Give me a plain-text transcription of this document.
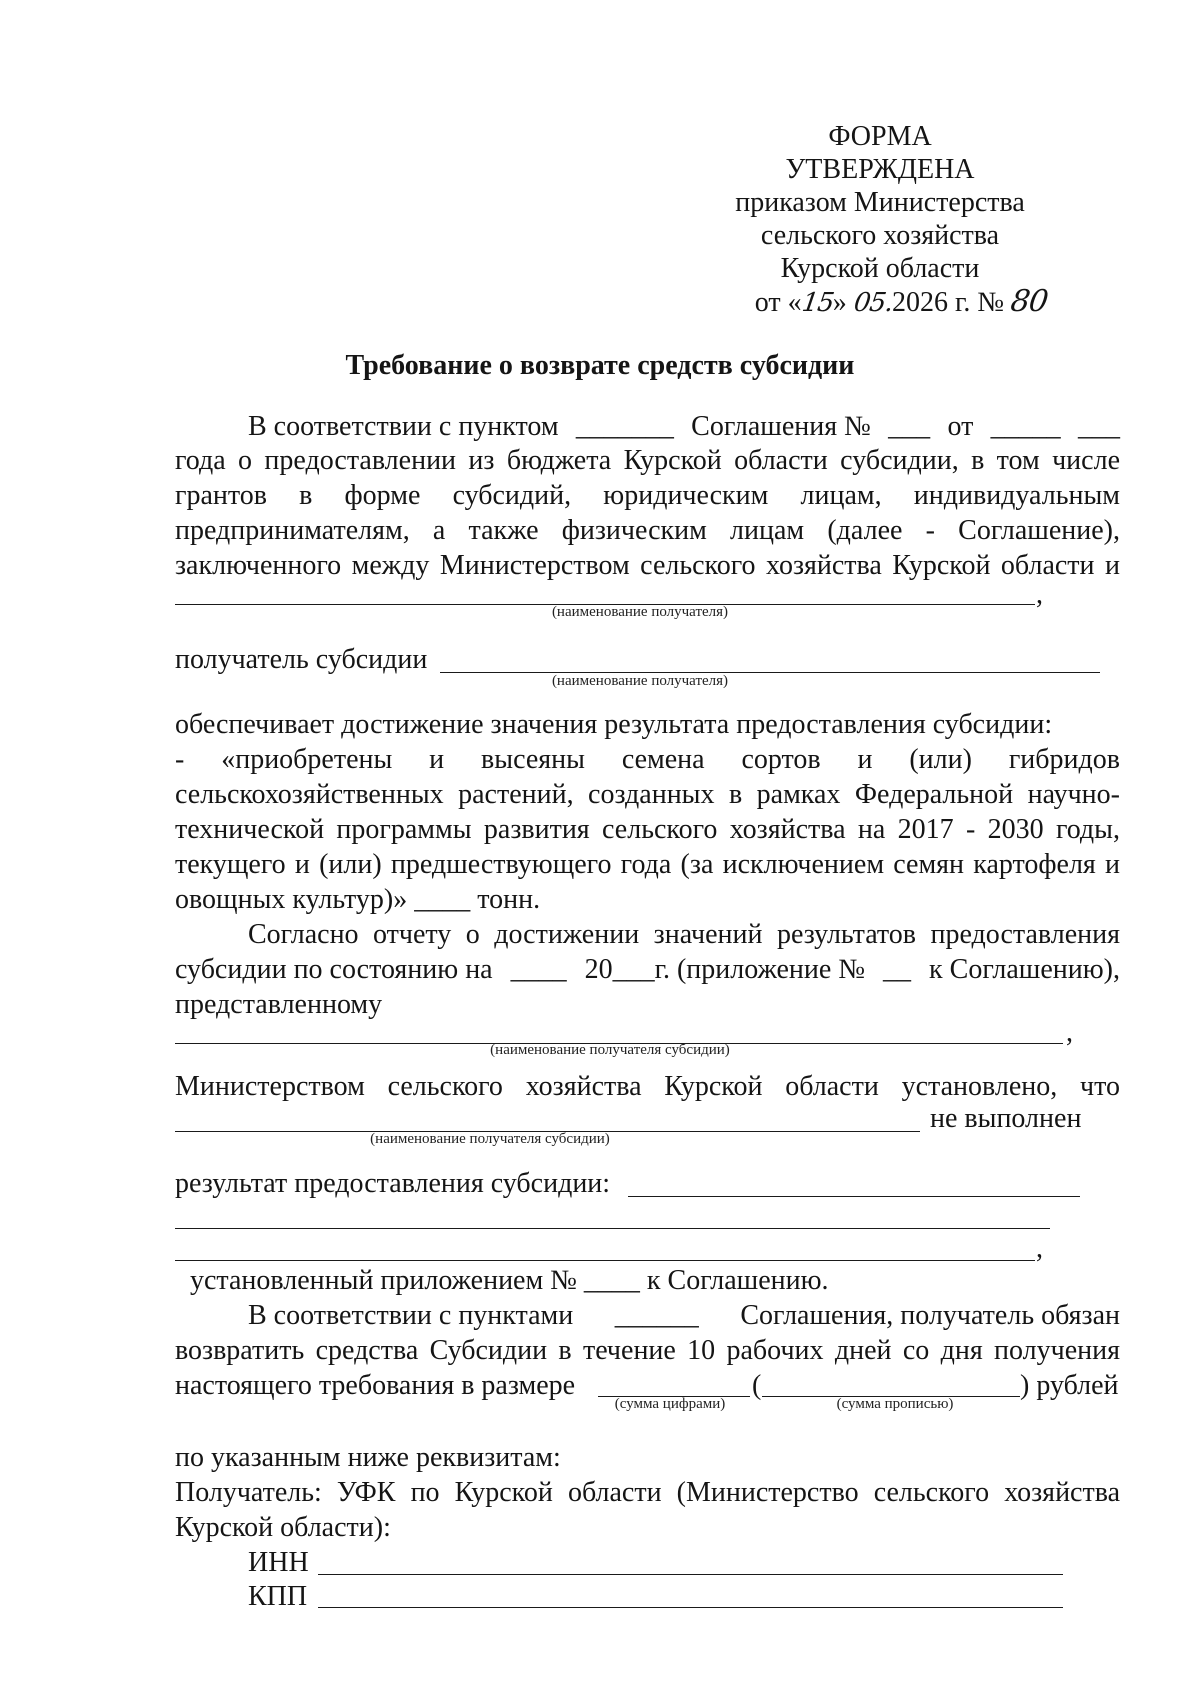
ФОРМА
УТВЕРЖДЕНА
приказом Министерства
сельского хозяйства
Курской области
от «15» 05.2026 г. № 80
Требование о возврате средств субсидии
В соответствии с пунктом _______ Соглашения № ___ от _____ ___
года о предоставлении из бюджета Курской области субсидии, в том числе
грантов в форме субсидий, юридическим лицам, индивидуальным
предпринимателям, а также физическим лицам (далее - Соглашение),
заключенного между Министерством сельского хозяйства Курской области и
,
(наименование получателя)
получатель субсидии
(наименование получателя)
обеспечивает достижение значения результата предоставления субсидии:
- «приобретены и высеяны семена сортов и (или) гибридов
сельскохозяйственных растений, созданных в рамках Федеральной научно-
технической программы развития сельского хозяйства на 2017 - 2030 годы,
текущего и (или) предшествующего года (за исключением семян картофеля и
овощных культур)» ____ тонн.
Согласно отчету о достижении значений результатов предоставления
субсидии по состоянию на ____ 20___г. (приложение № __ к Соглашению),
представленному
,
(наименование получателя субсидии)
Министерством сельского хозяйства Курской области установлено, что
не выполнен
(наименование получателя субсидии)
результат предоставления субсидии:
,
установленный приложением № ____ к Соглашению.
В соответствии с пунктами ______ Соглашения, получатель обязан
возвратить средства Субсидии в течение 10 рабочих дней со дня получения
настоящего требования в размере	(	) рублей
(сумма цифрами)	(сумма прописью)
по указанным ниже реквизитам:
Получатель: УФК по Курской области (Министерство сельского хозяйства
Курской области):
ИНН
КПП
